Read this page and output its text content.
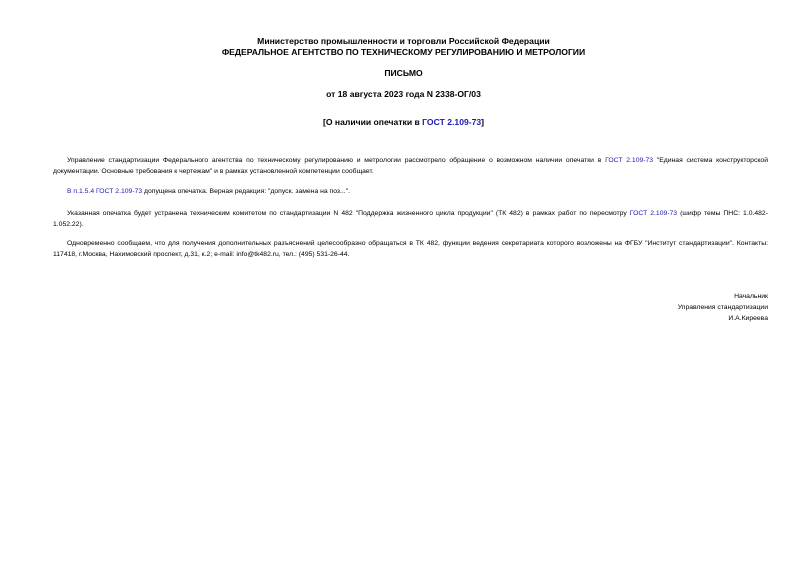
Министерство промышленности и торговли Российской Федерации
ФЕДЕРАЛЬНОЕ АГЕНТСТВО ПО ТЕХНИЧЕСКОМУ РЕГУЛИРОВАНИЮ И МЕТРОЛОГИИ
ПИСЬМО
от 18 августа 2023 года N 2338-ОГ/03
[О наличии опечатки в ГОСТ 2.109-73]
Управление стандартизации Федерального агентства по техническому регулированию и метрологии рассмотрело обращение о возможном наличии опечатки в ГОСТ 2.109-73 "Единая система конструкторской документации. Основные требования к чертежам" и в рамках установленной компетенции сообщает.
В п.1.5.4 ГОСТ 2.109-73 допущена опечатка. Верная редакция: "допуск. замена на поз...".
Указанная опечатка будет устранена техническим комитетом по стандартизации N 482 "Поддержка жизненного цикла продукции" (ТК 482) в рамках работ по пересмотру ГОСТ 2.109-73 (шифр темы ПНС: 1.0.482-1.052.22).
Одновременно сообщаем, что для получения дополнительных разъяснений целесообразно обращаться в ТК 482, функции ведения секретариата которого возложены на ФГБУ "Институт стандартизации". Контакты: 117418, г.Москва, Нахимовский проспект, д.31, к.2; e-mail: info@tk482.ru, тел.: (495) 531-26-44.
Начальник
Управления стандартизации
И.А.Киреева
